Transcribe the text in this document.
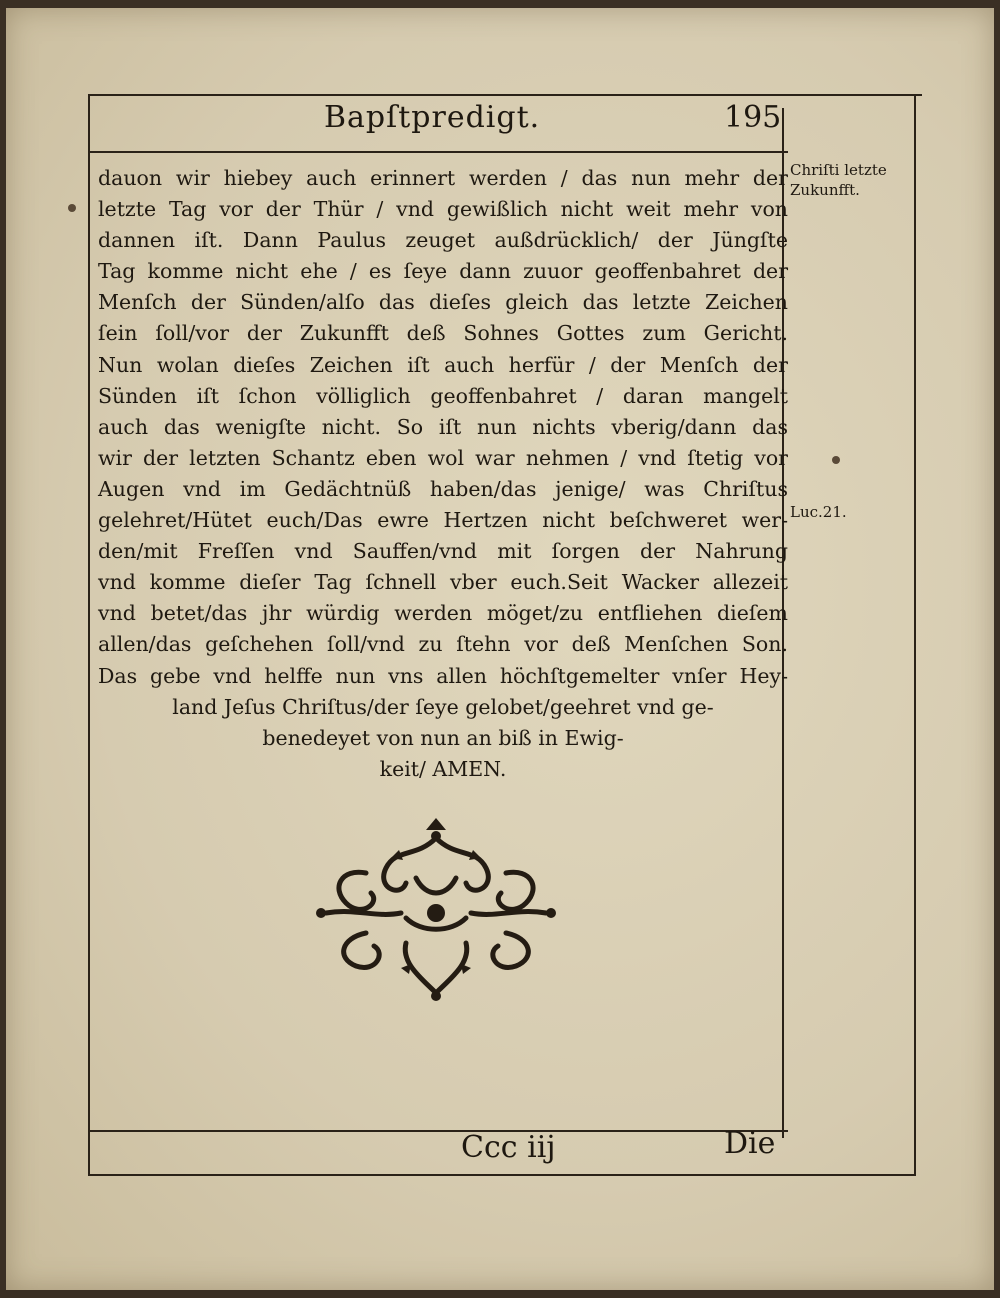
Bapſtpredigt.	195
dauon wir hiebey auch erinnert werden / das nun mehr der
letzte Tag vor der Thür / vnd gewißlich nicht weit mehr von
dannen iſt. Dann Paulus zeuget außdrücklich/ der Jüngſte
Tag komme nicht ehe / es ſeye dann zuuor geoffenbahret der
Menſch der Sünden/alſo das dieſes gleich das letzte Zeichen
ſein ſoll/vor der Zukunfft deß Sohnes Gottes zum Gericht.
Nun wolan dieſes Zeichen iſt auch herfür / der Menſch der
Sünden iſt ſchon völliglich geoffenbahret / daran mangelt
auch das wenigſte nicht. So iſt nun nichts vberig/dann das
wir der letzten Schantz eben wol war nehmen / vnd ſtetig vor
Augen vnd im Gedächtnüß haben/das jenige/ was Chriſtus
gelehret/Hütet euch/Das ewre Hertzen nicht beſchweret wer-
den/mit Freſſen vnd Sauffen/vnd mit ſorgen der Nahrung
vnd komme dieſer Tag ſchnell vber euch.Seit Wacker allezeit
vnd betet/das jhr würdig werden möget/zu entfliehen dieſem
allen/das geſchehen ſoll/vnd zu ſtehn vor deß Menſchen Son.
Das gebe vnd helffe nun vns allen höchſtgemelter vnſer Hey-
land Jeſus Chriſtus/der ſeye gelobet/geehret vnd ge-
benedeyet von nun an biß in Ewig-
keit/ AMEN.
Chriſti letzte
Zukunfft.
Luc.21.
Ccc iij	Die
